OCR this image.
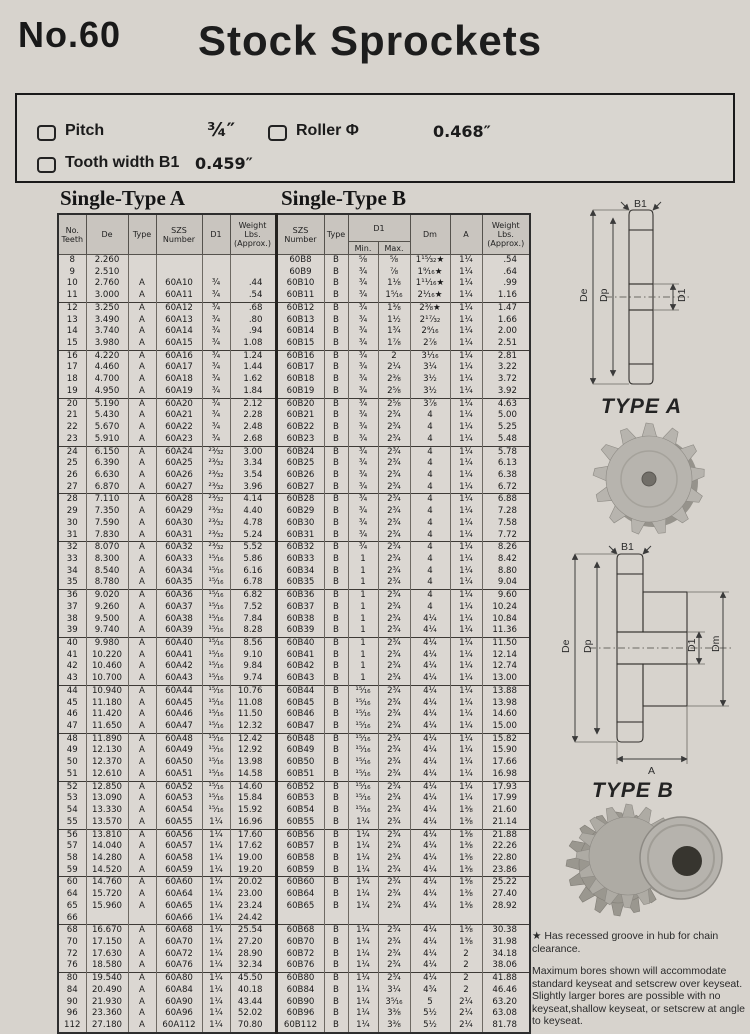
No.60 Stock Sprockets
Pitch	¾″	Roller Φ	0.468″
Tooth width B1 0.459″
Single-Type A	Single-Type B
No. Teeth	De	Type	SZS Number	D1	Weight Lbs. (Approx.)	SZS Number	Type	D1		Dm	A	Weight Lbs. (Approx.)
								Min.	Max.			
8	2.260					60B8	B	⅝	⅝	1¹⁵⁄₃₂★	1¼	.54
9	2.510					60B9	B	¾	⅞	1⁹⁄₁₆★	1¼	.64
10	2.760	A	60A10	¾	.44	60B10	B	¾	1⅛	1¹¹⁄₁₆★	1¼	.99
11	3.000	A	60A11	¾	.54	60B11	B	¾	1⁵⁄₁₆	2¹⁄₁₆★	1¼	1.16
12	3.250	A	60A12	¾	.68	60B12	B	¾	1⅜	2⅜★	1¼	1.47
13	3.490	A	60A13	¾	.80	60B13	B	¾	1½	2¹⁷⁄₃₂	1¼	1.66
14	3.740	A	60A14	¾	.94	60B14	B	¾	1¾	2⁹⁄₁₆	1¼	2.00
15	3.980	A	60A15	¾	1.08	60B15	B	¾	1⅞	2⅞	1¼	2.51
16	4.220	A	60A16	¾	1.24	60B16	B	¾	2	3¹⁄₁₆	1¼	2.81
17	4.460	A	60A17	¾	1.44	60B17	B	¾	2¼	3¼	1¼	3.22
18	4.700	A	60A18	¾	1.62	60B18	B	¾	2⅜	3½	1¼	3.72
19	4.950	A	60A19	¾	1.84	60B19	B	¾	2⅝	3½	1¼	3.92
20	5.190	A	60A20	¾	2.12	60B20	B	¾	2⅝	3⅞	1¼	4.63
21	5.430	A	60A21	¾	2.28	60B21	B	¾	2¾	4	1¼	5.00
22	5.670	A	60A22	¾	2.48	60B22	B	¾	2¾	4	1¼	5.25
23	5.910	A	60A23	¾	2.68	60B23	B	¾	2¾	4	1¼	5.48
24	6.150	A	60A24	²³⁄₃₂	3.00	60B24	B	¾	2¾	4	1¼	5.78
25	6.390	A	60A25	²³⁄₃₂	3.34	60B25	B	¾	2¾	4	1¼	6.13
26	6.630	A	60A26	²³⁄₃₂	3.54	60B26	B	¾	2¾	4	1¼	6.38
27	6.870	A	60A27	²³⁄₃₂	3.96	60B27	B	¾	2¾	4	1¼	6.72
28	7.110	A	60A28	²³⁄₃₂	4.14	60B28	B	¾	2¾	4	1¼	6.88
29	7.350	A	60A29	²³⁄₃₂	4.40	60B29	B	¾	2¾	4	1¼	7.28
30	7.590	A	60A30	²³⁄₃₂	4.78	60B30	B	¾	2¾	4	1¼	7.58
31	7.830	A	60A31	²³⁄₃₂	5.24	60B31	B	¾	2¾	4	1¼	7.72
32	8.070	A	60A32	²³⁄₃₂	5.52	60B32	B	¾	2¾	4	1¼	8.26
33	8.300	A	60A33	¹⁵⁄₁₆	5.86	60B33	B	1	2¾	4	1¼	8.42
34	8.540	A	60A34	¹⁵⁄₁₆	6.16	60B34	B	1	2¾	4	1¼	8.80
35	8.780	A	60A35	¹⁵⁄₁₆	6.78	60B35	B	1	2¾	4	1¼	9.04
36	9.020	A	60A36	¹⁵⁄₁₆	6.82	60B36	B	1	2¾	4	1¼	9.60
37	9.260	A	60A37	¹⁵⁄₁₆	7.52	60B37	B	1	2¾	4	1¼	10.24
38	9.500	A	60A38	¹⁵⁄₁₆	7.84	60B38	B	1	2¾	4¼	1¼	10.84
39	9.740	A	60A39	¹⁵⁄₁₆	8.28	60B39	B	1	2¾	4¼	1¼	11.36
40	9.980	A	60A40	¹⁵⁄₁₆	8.56	60B40	B	1	2¾	4¼	1¼	11.50
41	10.220	A	60A41	¹⁵⁄₁₆	9.10	60B41	B	1	2¾	4¼	1¼	12.14
42	10.460	A	60A42	¹⁵⁄₁₆	9.84	60B42	B	1	2¾	4¼	1¼	12.74
43	10.700	A	60A43	¹⁵⁄₁₆	9.74	60B43	B	1	2¾	4¼	1¼	13.00
44	10.940	A	60A44	¹⁵⁄₁₆	10.76	60B44	B	¹⁵⁄₁₆	2¾	4¼	1¼	13.88
45	11.180	A	60A45	¹⁵⁄₁₆	11.08	60B45	B	¹⁵⁄₁₆	2¾	4¼	1¼	13.98
46	11.420	A	60A46	¹⁵⁄₁₆	11.50	60B46	B	¹⁵⁄₁₆	2¾	4¼	1¼	14.60
47	11.650	A	60A47	¹⁵⁄₁₆	12.32	60B47	B	¹⁵⁄₁₆	2¾	4¼	1¼	15.00
48	11.890	A	60A48	¹⁵⁄₁₆	12.42	60B48	B	¹⁵⁄₁₆	2¾	4¼	1¼	15.82
49	12.130	A	60A49	¹⁵⁄₁₆	12.92	60B49	B	¹⁵⁄₁₆	2¾	4¼	1¼	15.90
50	12.370	A	60A50	¹⁵⁄₁₆	13.98	60B50	B	¹⁵⁄₁₆	2¾	4¼	1¼	17.66
51	12.610	A	60A51	¹⁵⁄₁₆	14.58	60B51	B	¹⁵⁄₁₆	2¾	4¼	1¼	16.98
52	12.850	A	60A52	¹⁵⁄₁₆	14.60	60B52	B	¹⁵⁄₁₆	2¾	4¼	1¼	17.93
53	13.090	A	60A53	¹⁵⁄₁₆	15.84	60B53	B	¹⁵⁄₁₆	2¾	4¼	1¼	17.99
54	13.330	A	60A54	¹⁵⁄₁₆	15.92	60B54	B	¹⁵⁄₁₆	2¾	4¼	1⅜	21.60
55	13.570	A	60A55	1¼	16.96	60B55	B	1¼	2¾	4¼	1⅜	21.14
56	13.810	A	60A56	1¼	17.60	60B56	B	1¼	2¾	4¼	1⅜	21.88
57	14.040	A	60A57	1¼	17.62	60B57	B	1¼	2¾	4¼	1⅜	22.26
58	14.280	A	60A58	1¼	19.00	60B58	B	1¼	2¾	4¼	1⅜	22.80
59	14.520	A	60A59	1¼	19.20	60B59	B	1¼	2¾	4¼	1⅜	23.86
60	14.760	A	60A60	1¼	20.02	60B60	B	1¼	2¾	4¼	1⅜	25.22
64	15.720	A	60A64	1¼	23.00	60B64	B	1¼	2¾	4¼	1⅜	27.40
65	15.960	A	60A65	1¼	23.24	60B65	B	1¼	2¾	4¼	1⅜	28.92
66			60A66	1¼	24.42							
68	16.670	A	60A68	1¼	25.54	60B68	B	1¼	2¾	4¼	1⅜	30.38
70	17.150	A	60A70	1¼	27.20	60B70	B	1¼	2¾	4¼	1⅜	31.98
72	17.630	A	60A72	1¼	28.90	60B72	B	1¼	2¾	4¼	2	34.18
76	18.580	A	60A76	1¼	32.34	60B76	B	1¼	2¾	4¼	2	38.06
80	19.540	A	60A80	1¼	45.50	60B80	B	1¼	2¾	4¼	2	41.88
84	20.490	A	60A84	1¼	40.18	60B84	B	1¼	3¼	4¾	2	46.46
90	21.930	A	60A90	1¼	43.44	60B90	B	1¼	3⁵⁄₁₆	5	2¼	63.20
96	23.360	A	60A96	1¼	52.02	60B96	B	1¼	3⅜	5½	2¼	63.08
112	27.180	A	60A112	1¼	70.80	60B112	B	1¼	3⅜	5½	2¼	81.78
B1
De Dp	D1
TYPE A
B1
De Dp	D1 Dm
A
TYPE B

★ Has recessed groove in hub for chain clearance.

Maximum bores shown will accommodate standard keyseat and setscrew over keyseat. Slightly larger bores are possible with no keyseat,shallow keyseat, or setscrew at angle to keyseat.
